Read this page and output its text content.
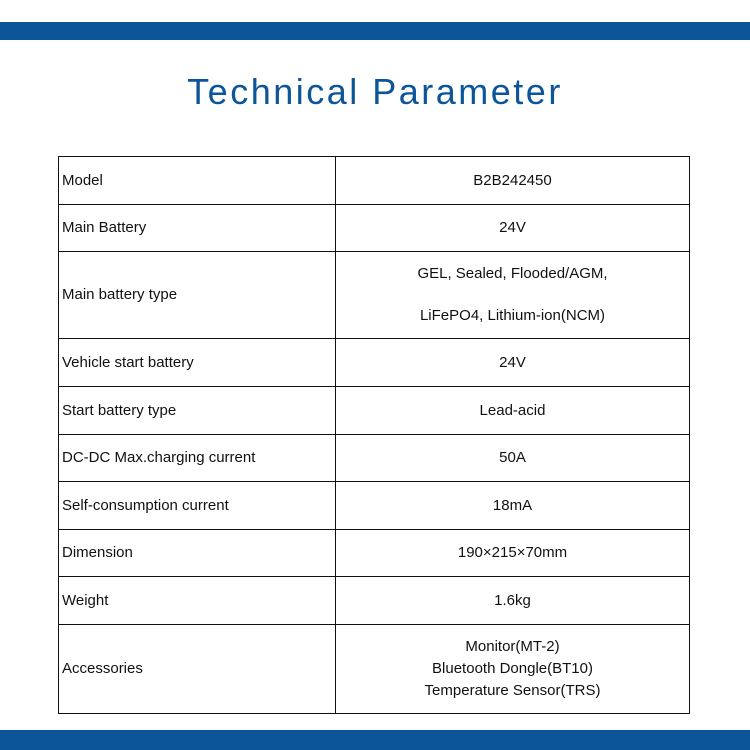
Technical Parameter
Model	B2B242450

Main Battery	24V

Main battery type	GEL, Sealed, Flooded/AGM,
LiFePO4, Lithium-ion(NCM)

Vehicle start battery	24V

Start battery type	Lead-acid

DC-DC Max.charging current	50A

Self-consumption current	18mA

Dimension	190×215×70mm

Weight	1.6kg

Accessories	Monitor(MT-2)
Bluetooth Dongle(BT10)
Temperature Sensor(TRS)
